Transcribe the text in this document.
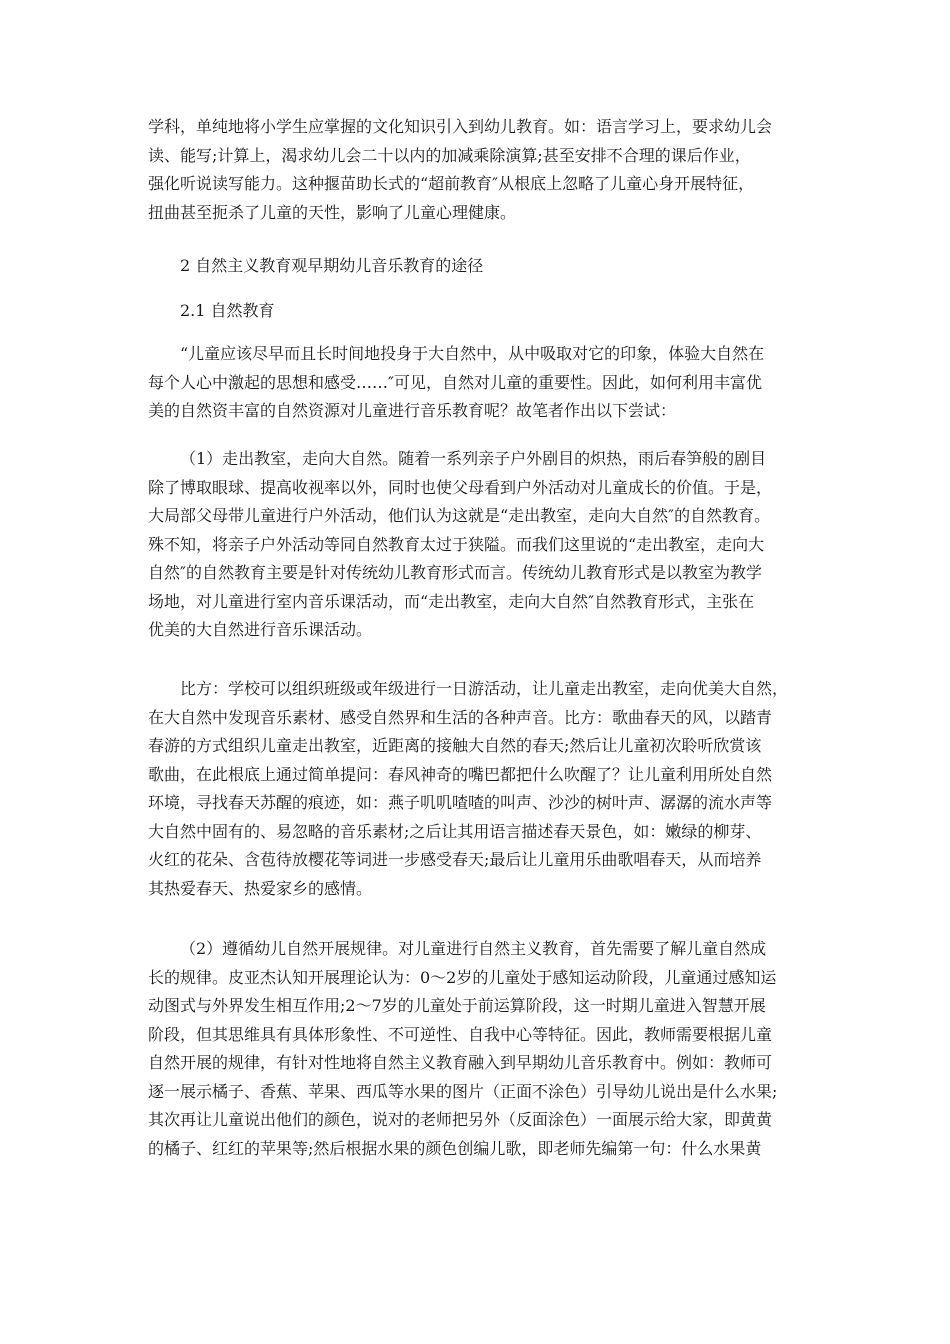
学科，单纯地将小学生应掌握的文化知识引入到幼儿教育。如：语言学习上，要求幼儿会
读、能写;计算上，渴求幼儿会二十以内的加减乘除演算;甚至安排不合理的课后作业，
强化听说读写能力。这种揠苗助长式的“超前教育″从根底上忽略了儿童心身开展特征，
扭曲甚至扼杀了儿童的天性，影响了儿童心理健康。

2 自然主义教育观早期幼儿音乐教育的途径

2.1 自然教育

“儿童应该尽早而且长时间地投身于大自然中，从中吸取对它的印象，体验大自然在
每个人心中激起的思想和感受……″可见，自然对儿童的重要性。因此，如何利用丰富优
美的自然资丰富的自然资源对儿童进行音乐教育呢？故笔者作出以下尝试：

（1）走出教室，走向大自然。随着一系列亲子户外剧目的炽热，雨后春笋般的剧目
除了博取眼球、提高收视率以外，同时也使父母看到户外活动对儿童成长的价值。于是，
大局部父母带儿童进行户外活动，他们认为这就是“走出教室，走向大自然″的自然教育。
殊不知，将亲子户外活动等同自然教育太过于狭隘。而我们这里说的“走出教室，走向大
自然″的自然教育主要是针对传统幼儿教育形式而言。传统幼儿教育形式是以教室为教学
场地，对儿童进行室内音乐课活动，而“走出教室，走向大自然″自然教育形式，主张在
优美的大自然进行音乐课活动。

比方：学校可以组织班级或年级进行一日游活动，让儿童走出教室，走向优美大自然，
在大自然中发现音乐素材、感受自然界和生活的各种声音。比方：歌曲春天的风，以踏青
春游的方式组织儿童走出教室，近距离的接触大自然的春天;然后让儿童初次聆听欣赏该
歌曲，在此根底上通过简单提问：春风神奇的嘴巴都把什么吹醒了？让儿童利用所处自然
环境，寻找春天苏醒的痕迹，如：燕子叽叽喳喳的叫声、沙沙的树叶声、潺潺的流水声等
大自然中固有的、易忽略的音乐素材;之后让其用语言描述春天景色，如：嫩绿的柳芽、
火红的花朵、含苞待放樱花等词进一步感受春天;最后让儿童用乐曲歌唱春天，从而培养
其热爱春天、热爱家乡的感情。

（2）遵循幼儿自然开展规律。对儿童进行自然主义教育，首先需要了解儿童自然成
长的规律。皮亚杰认知开展理论认为：0～2岁的儿童处于感知运动阶段，儿童通过感知运
动图式与外界发生相互作用;2～7岁的儿童处于前运算阶段，这一时期儿童进入智慧开展
阶段，但其思维具有具体形象性、不可逆性、自我中心等特征。因此，教师需要根据儿童
自然开展的规律，有针对性地将自然主义教育融入到早期幼儿音乐教育中。例如：教师可
逐一展示橘子、香蕉、苹果、西瓜等水果的图片（正面不涂色）引导幼儿说出是什么水果;
其次再让儿童说出他们的颜色，说对的老师把另外（反面涂色）一面展示给大家，即黄黄
的橘子、红红的苹果等;然后根据水果的颜色创编儿歌，即老师先编第一句：什么水果黄
